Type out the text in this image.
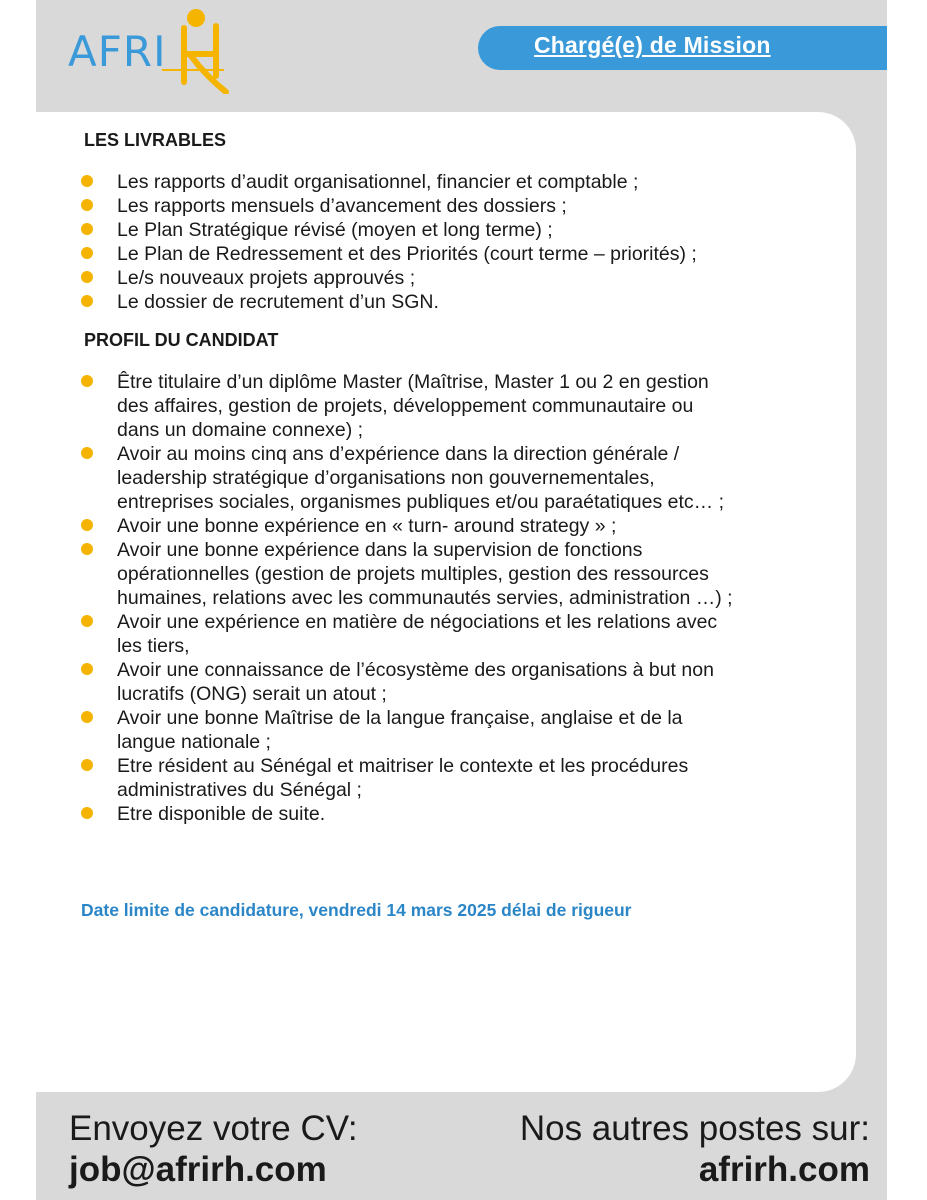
AFRI	Chargé(e) de Mission
LES LIVRABLES
Les rapports d’audit organisationnel, financier et comptable ;
Les rapports mensuels d’avancement des dossiers ;
Le Plan Stratégique révisé (moyen et long terme) ;
Le Plan de Redressement et des Priorités (court terme – priorités) ;
Le/s nouveaux projets approuvés ;
Le dossier de recrutement d’un SGN.
PROFIL DU CANDIDAT
Être titulaire d’un diplôme Master (Maîtrise, Master 1 ou 2 en gestion
des affaires, gestion de projets, développement communautaire ou
dans un domaine connexe) ;
Avoir au moins cinq ans d’expérience dans la direction générale /
leadership stratégique d’organisations non gouvernementales,
entreprises sociales, organismes publiques et/ou paraétatiques etc… ;
Avoir une bonne expérience en « turn- around strategy » ;
Avoir une bonne expérience dans la supervision de fonctions
opérationnelles (gestion de projets multiples, gestion des ressources
humaines, relations avec les communautés servies, administration …) ;
Avoir une expérience en matière de négociations et les relations avec
les tiers,
Avoir une connaissance de l’écosystème des organisations à but non
lucratifs (ONG) serait un atout ;
Avoir une bonne Maîtrise de la langue française, anglaise et de la
langue nationale ;
Etre résident au Sénégal et maitriser le contexte et les procédures
administratives du Sénégal ;
Etre disponible de suite.
Date limite de candidature, vendredi 14 mars 2025 délai de rigueur
Envoyez votre CV:
job@afrirh.com
Nos autres postes sur:
afrirh.com
